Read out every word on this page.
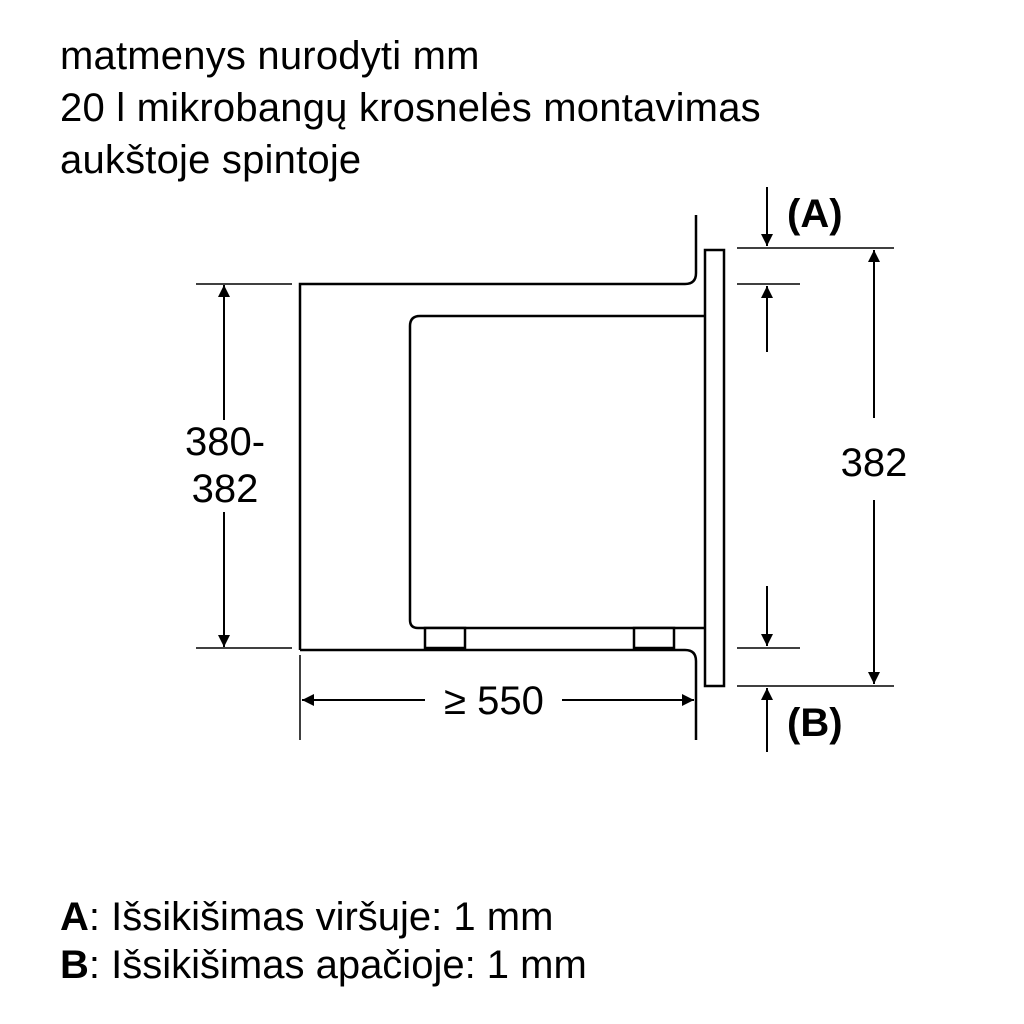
matmenys nurodyti mm
20 l mikrobangų krosnelės montavimas
aukštoje spintoje
380-
382
≥ 550
382
(A)
(B)
A: Išsikišimas viršuje: 1 mm
B: Išsikišimas apačioje: 1 mm
